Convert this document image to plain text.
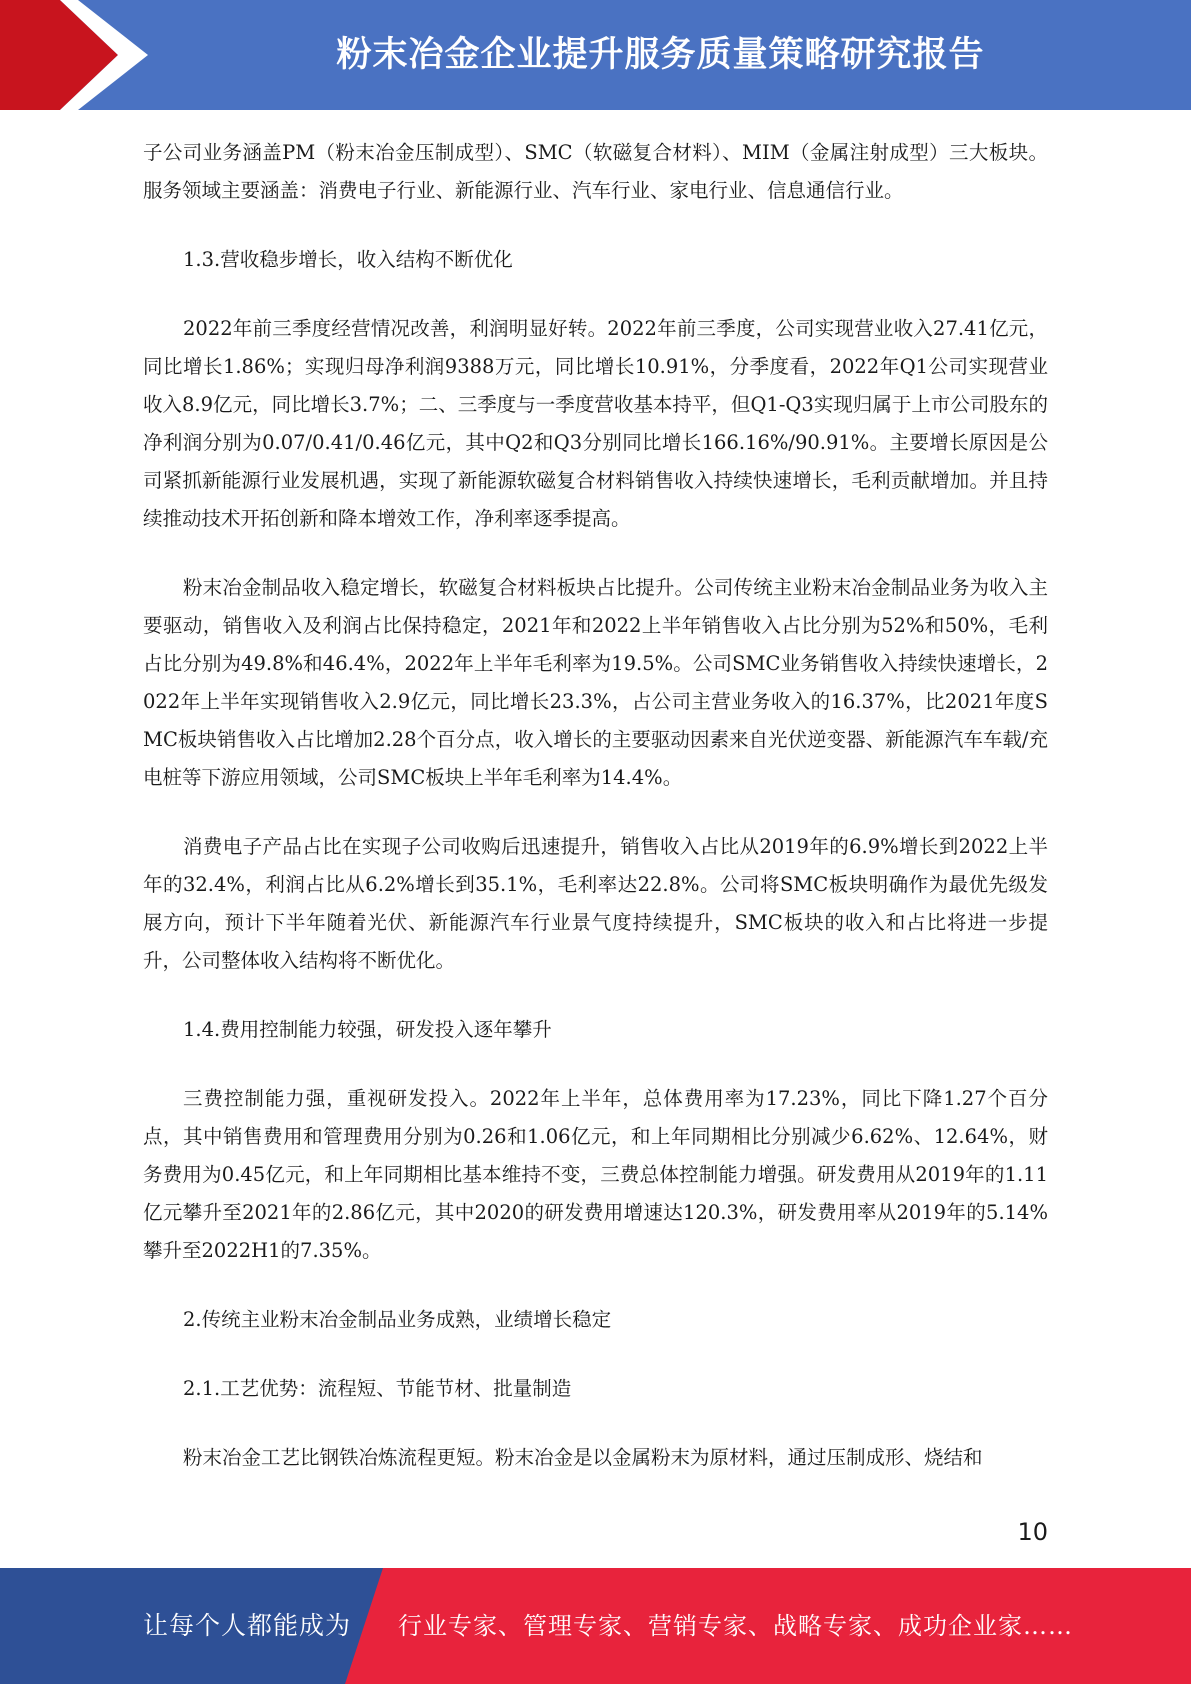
粉末冶金企业提升服务质量策略研究报告

子公司业务涵盖PM（粉末冶金压制成型）、SMC（软磁复合材料）、MIM（金属注射成型）三大板块。服务领域主要涵盖：消费电子行业、新能源行业、汽车行业、家电行业、信息通信行业。

1.3.营收稳步增长，收入结构不断优化

2022年前三季度经营情况改善，利润明显好转。2022年前三季度，公司实现营业收入27.41亿元，同比增长1.86%；实现归母净利润9388万元，同比增长10.91%，分季度看，2022年Q1公司实现营业收入8.9亿元，同比增长3.7%；二、三季度与一季度营收基本持平，但Q1-Q3实现归属于上市公司股东的净利润分别为0.07/0.41/0.46亿元，其中Q2和Q3分别同比增长166.16%/90.91%。主要增长原因是公司紧抓新能源行业发展机遇，实现了新能源软磁复合材料销售收入持续快速增长，毛利贡献增加。并且持续推动技术开拓创新和降本增效工作，净利率逐季提高。

粉末冶金制品收入稳定增长，软磁复合材料板块占比提升。公司传统主业粉末冶金制品业务为收入主要驱动，销售收入及利润占比保持稳定，2021年和2022上半年销售收入占比分别为52%和50%，毛利占比分别为49.8%和46.4%，2022年上半年毛利率为19.5%。公司SMC业务销售收入持续快速增长，2022年上半年实现销售收入2.9亿元，同比增长23.3%，占公司主营业务收入的16.37%，比2021年度SMC板块销售收入占比增加2.28个百分点，收入增长的主要驱动因素来自光伏逆变器、新能源汽车车载/充电桩等下游应用领域，公司SMC板块上半年毛利率为14.4%。

消费电子产品占比在实现子公司收购后迅速提升，销售收入占比从2019年的6.9%增长到2022上半年的32.4%，利润占比从6.2%增长到35.1%，毛利率达22.8%。公司将SMC板块明确作为最优先级发展方向，预计下半年随着光伏、新能源汽车行业景气度持续提升，SMC板块的收入和占比将进一步提升，公司整体收入结构将不断优化。

1.4.费用控制能力较强，研发投入逐年攀升

三费控制能力强，重视研发投入。2022年上半年，总体费用率为17.23%，同比下降1.27个百分点，其中销售费用和管理费用分别为0.26和1.06亿元，和上年同期相比分别减少6.62%、12.64%，财务费用为0.45亿元，和上年同期相比基本维持不变，三费总体控制能力增强。研发费用从2019年的1.11亿元攀升至2021年的2.86亿元，其中2020的研发费用增速达120.3%，研发费用率从2019年的5.14%攀升至2022H1的7.35%。

2.传统主业粉末冶金制品业务成熟，业绩增长稳定

2.1.工艺优势：流程短、节能节材、批量制造

粉末冶金工艺比钢铁冶炼流程更短。粉末冶金是以金属粉末为原材料，通过压制成形、烧结和

10
让每个人都能成为 行业专家、管理专家、营销专家、战略专家、成功企业家……
